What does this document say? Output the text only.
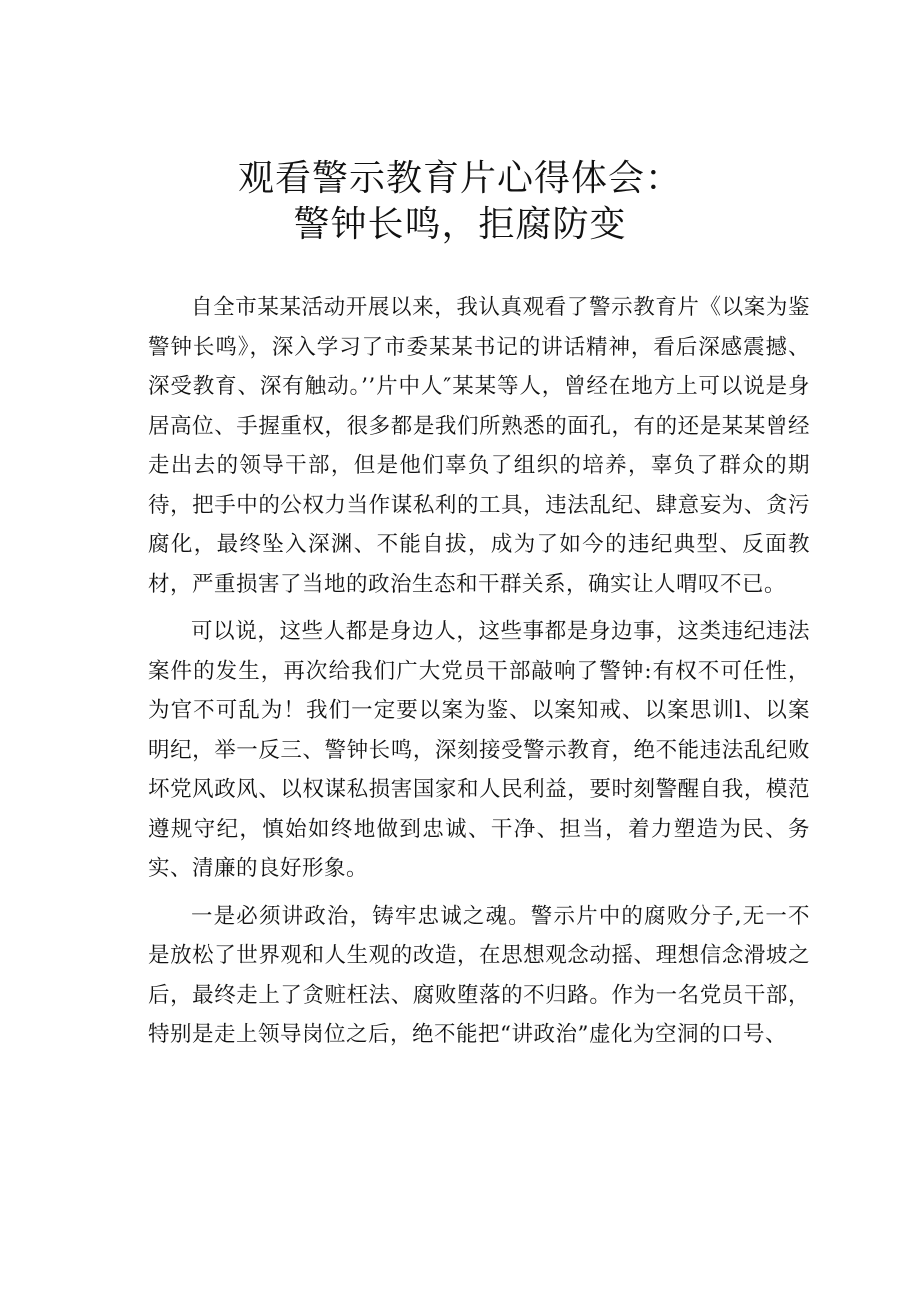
观看警示教育片心得体会：
警钟长鸣，拒腐防变

自全市某某活动开展以来，我认真观看了警示教育片《以案为鉴警钟长鸣》，深入学习了市委某某书记的讲话精神，看后深感震撼、深受教育、深有触动。’’片中人″某某等人，曾经在地方上可以说是身居高位、手握重权，很多都是我们所熟悉的面孔，有的还是某某曾经走出去的领导干部，但是他们辜负了组织的培养，辜负了群众的期待，把手中的公权力当作谋私利的工具，违法乱纪、肆意妄为、贪污腐化，最终坠入深渊、不能自拔，成为了如今的违纪典型、反面教材，严重损害了当地的政治生态和干群关系，确实让人喟叹不已。

可以说，这些人都是身边人，这些事都是身边事，这类违纪违法案件的发生，再次给我们广大党员干部敲响了警钟:有权不可任性，为官不可乱为！我们一定要以案为鉴、以案知戒、以案思训l、以案明纪，举一反三、警钟长鸣，深刻接受警示教育，绝不能违法乱纪败坏党风政风、以权谋私损害国家和人民利益，要时刻警醒自我，模范遵规守纪，慎始如终地做到忠诚、干净、担当，着力塑造为民、务实、清廉的良好形象。

一是必须讲政治，铸牢忠诚之魂。警示片中的腐败分子,无一不是放松了世界观和人生观的改造，在思想观念动摇、理想信念滑坡之后，最终走上了贪赃枉法、腐败堕落的不归路。作为一名党员干部，特别是走上领导岗位之后，绝不能把“讲政治”虚化为空洞的口号、
